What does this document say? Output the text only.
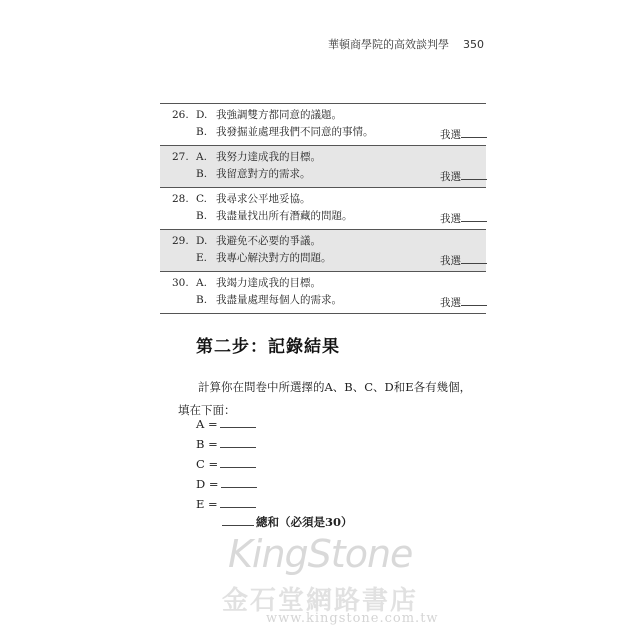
華頓商學院的高效談判學 350
26. D. 我強調雙方都同意的議題。
B. 我發掘並處理我們不同意的事情。	我選
27. A. 我努力達成我的目標。
B. 我留意對方的需求。	我選
28. C. 我尋求公平地妥協。
B. 我盡量找出所有潛藏的問題。	我選
29. D. 我避免不必要的爭議。
E. 我專心解決對方的問題。	我選
30. A. 我竭力達成我的目標。
B. 我盡量處理每個人的需求。	我選
第二步：記錄結果
計算你在問卷中所選擇的A、B、C、D和E各有幾個，
填在下面：
A =
B =
C =
D =
E =
總和（必須是30）
KingStone
金石堂網路書店
www.kingstone.com.tw
